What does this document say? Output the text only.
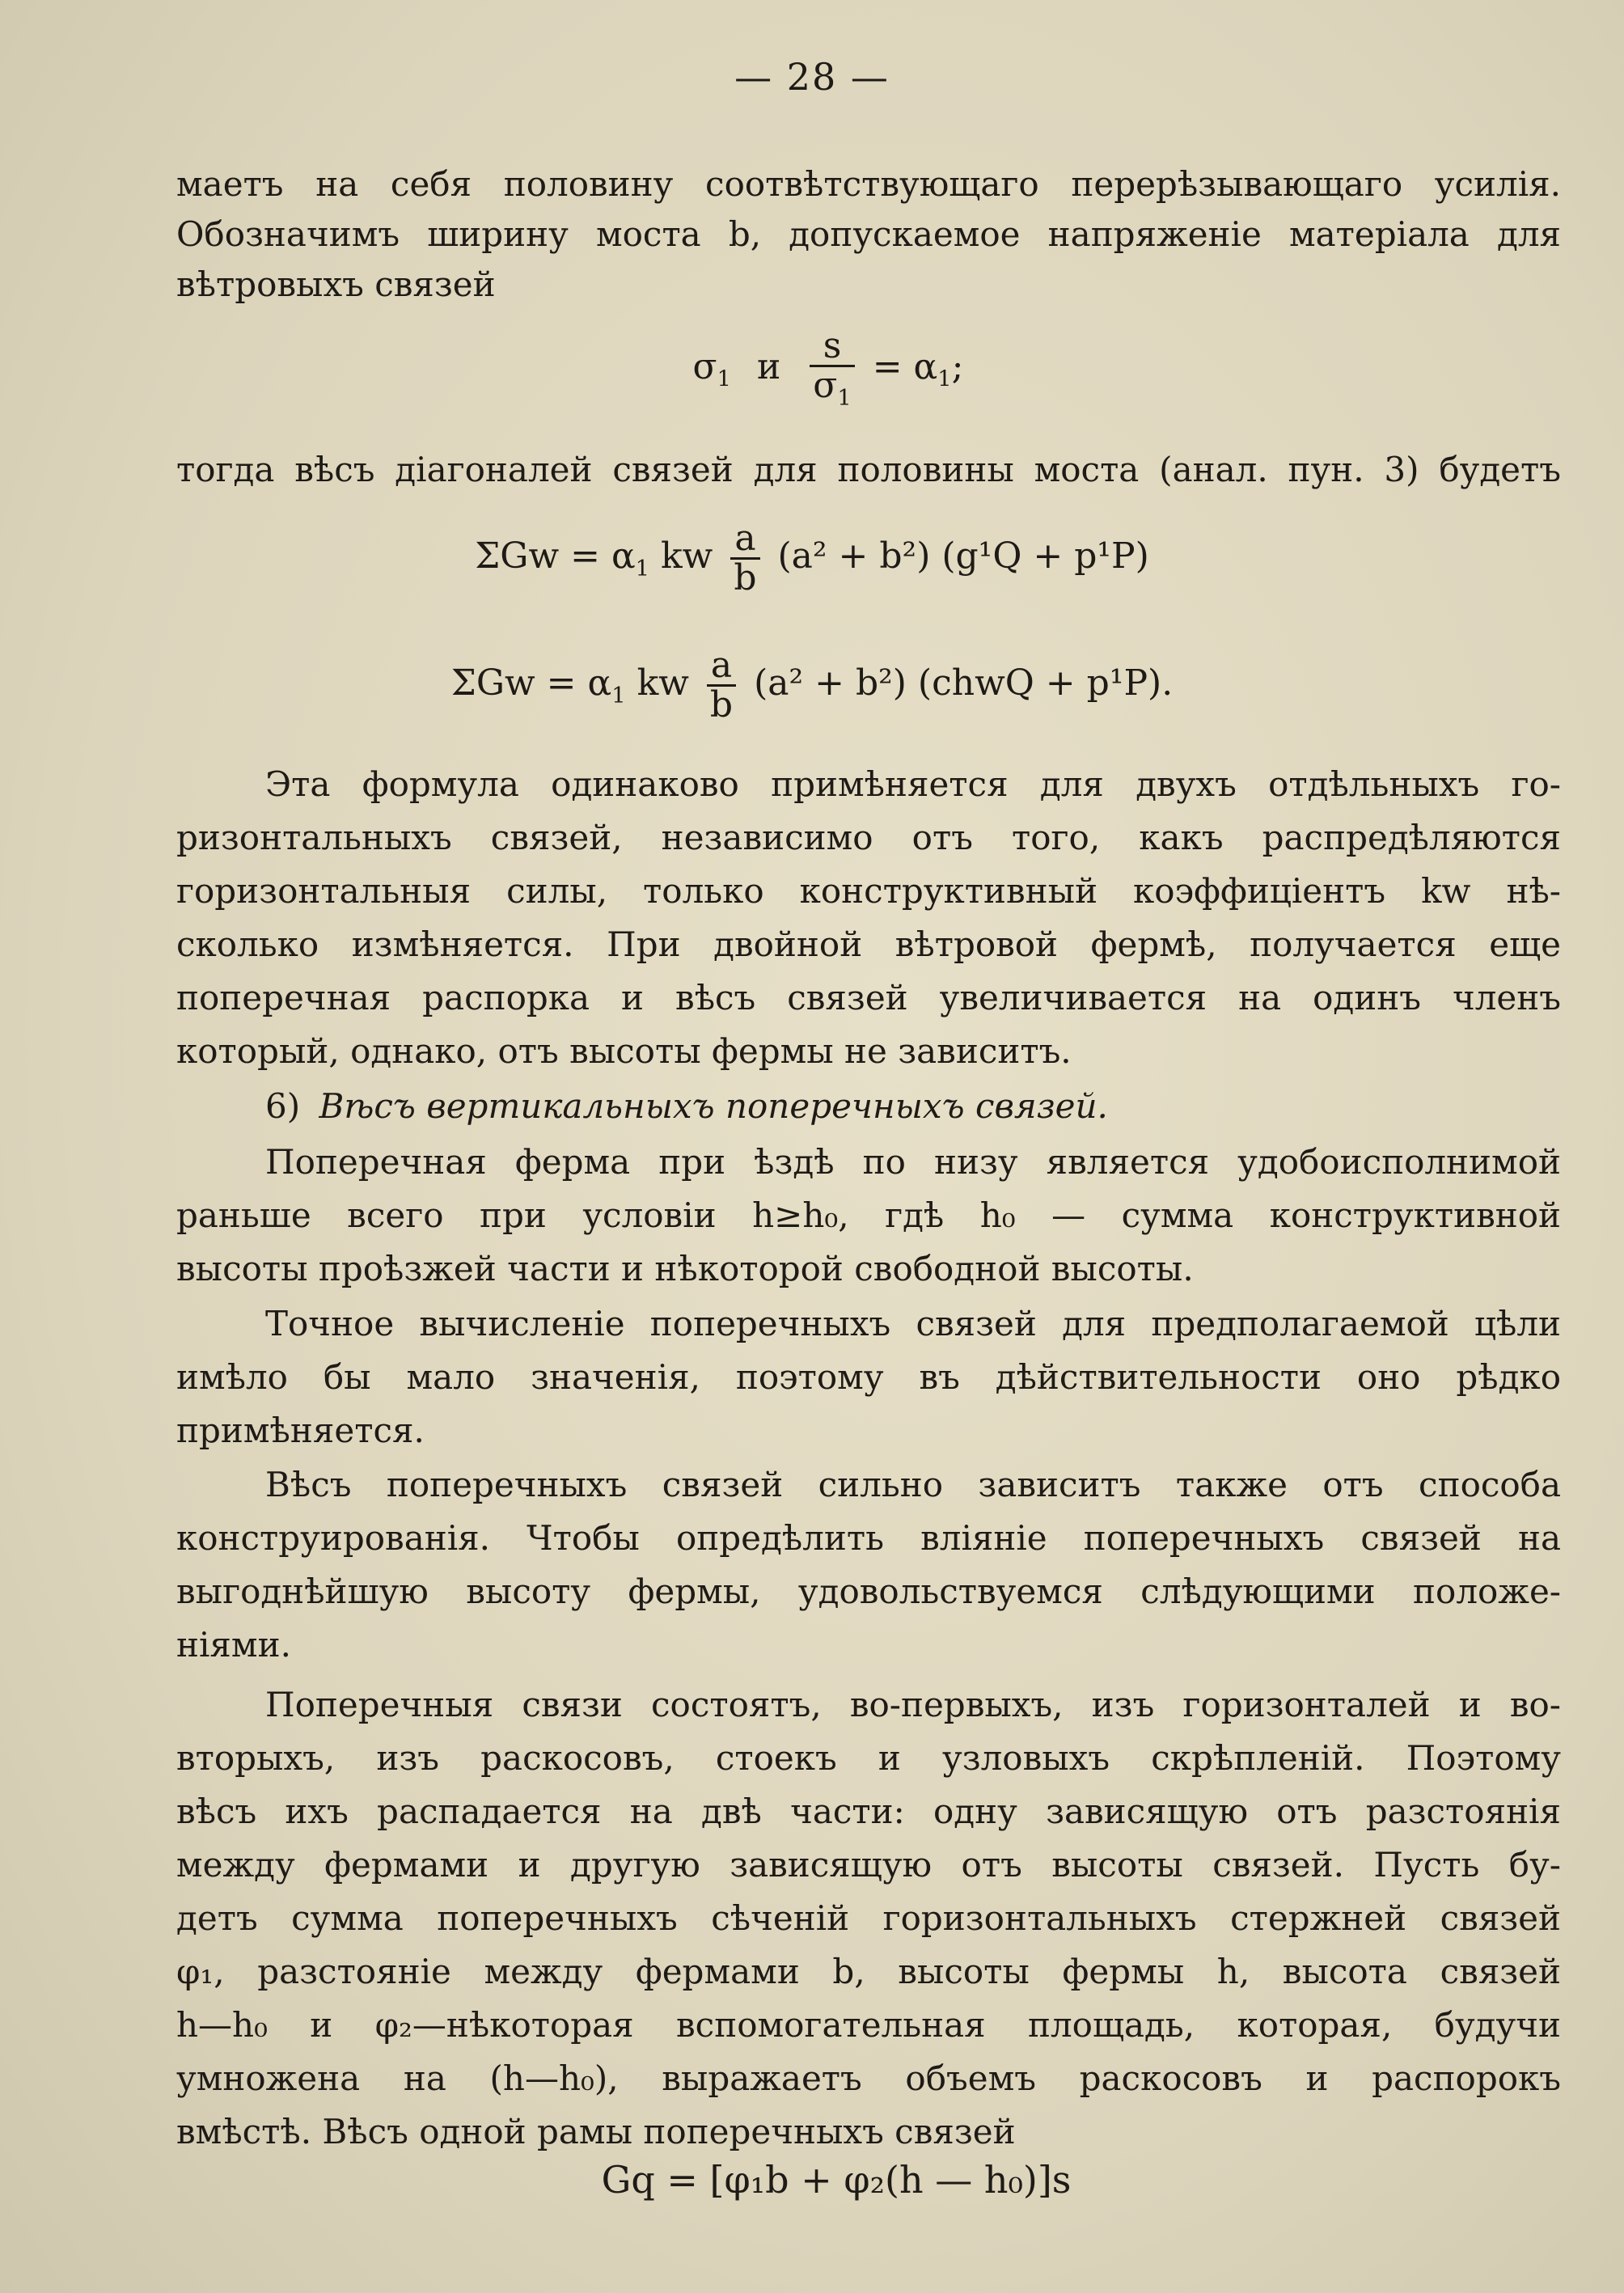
— 28 —
маетъ на себя половину соотвѣтствующаго перерѣзывающаго усилія.
Обозначимъ ширину моста b, допускаемое напряженіе матеріала для
вѣтровыхъ связей
$\sigma_1$ и $\frac{s}{\sigma_1} = \alpha_1$;
тогда вѣсъ діагоналей связей для половины моста (анал. пун. 3) будетъ
$\Sigma Gw = \alpha_1$ kw $\frac{a}{b} (a^2 + b^2) (g^1Q + p^1P)$
$\Sigma Gw = \alpha_1$ kw $\frac{a}{b} (a^2 + b^2)$ (chwQ + p¹P).
Эта формула одинаково примѣняется для двухъ отдѣльныхъ го-
ризонтальныхъ связей, независимо отъ того, какъ распредѣляются
горизонтальныя силы, только конструктивный коэффиціентъ kw нѣ-
сколько измѣняется. При двойной вѣтровой фермѣ, получается еще
поперечная распорка и вѣсъ связей увеличивается на одинъ членъ
который, однако, отъ высоты фермы не зависитъ.
6) Вѣсъ вертикальныхъ поперечныхъ связей.
Поперечная ферма при ѣздѣ по низу является удобоисполнимой
раньше всего при условіи h≥h₀, гдѣ h₀ — сумма конструктивной
высоты проѣзжей части и нѣкоторой свободной высоты.
Точное вычисленіе поперечныхъ связей для предполагаемой цѣли
имѣло бы мало значенія, поэтому въ дѣйствительности оно рѣдко
примѣняется.
Вѣсъ поперечныхъ связей сильно зависитъ также отъ способа
конструированія. Чтобы опредѣлить вліяніе поперечныхъ связей на
выгоднѣйшую высоту фермы, удовольствуемся слѣдующими положе-
ніями.
Поперечныя связи состоятъ, во-первыхъ, изъ горизонталей и во-
вторыхъ, изъ раскосовъ, стоекъ и узловыхъ скрѣпленій. Поэтому
вѣсъ ихъ распадается на двѣ части: одну зависящую отъ разстоянія
между фермами и другую зависящую отъ высоты связей. Пусть бу-
детъ сумма поперечныхъ сѣченій горизонтальныхъ стержней связей
φ₁, разстояніе между фермами b, высоты фермы h, высота связей
h—h₀ и φ₂—нѣкоторая вспомогательная площадь, которая, будучи
умножена на (h—h₀), выражаетъ объемъ раскосовъ и распорокъ
вмѣстѣ. Вѣсъ одной рамы поперечныхъ связей
Gq = [φ₁b + φ₂(h — h₀)]s
